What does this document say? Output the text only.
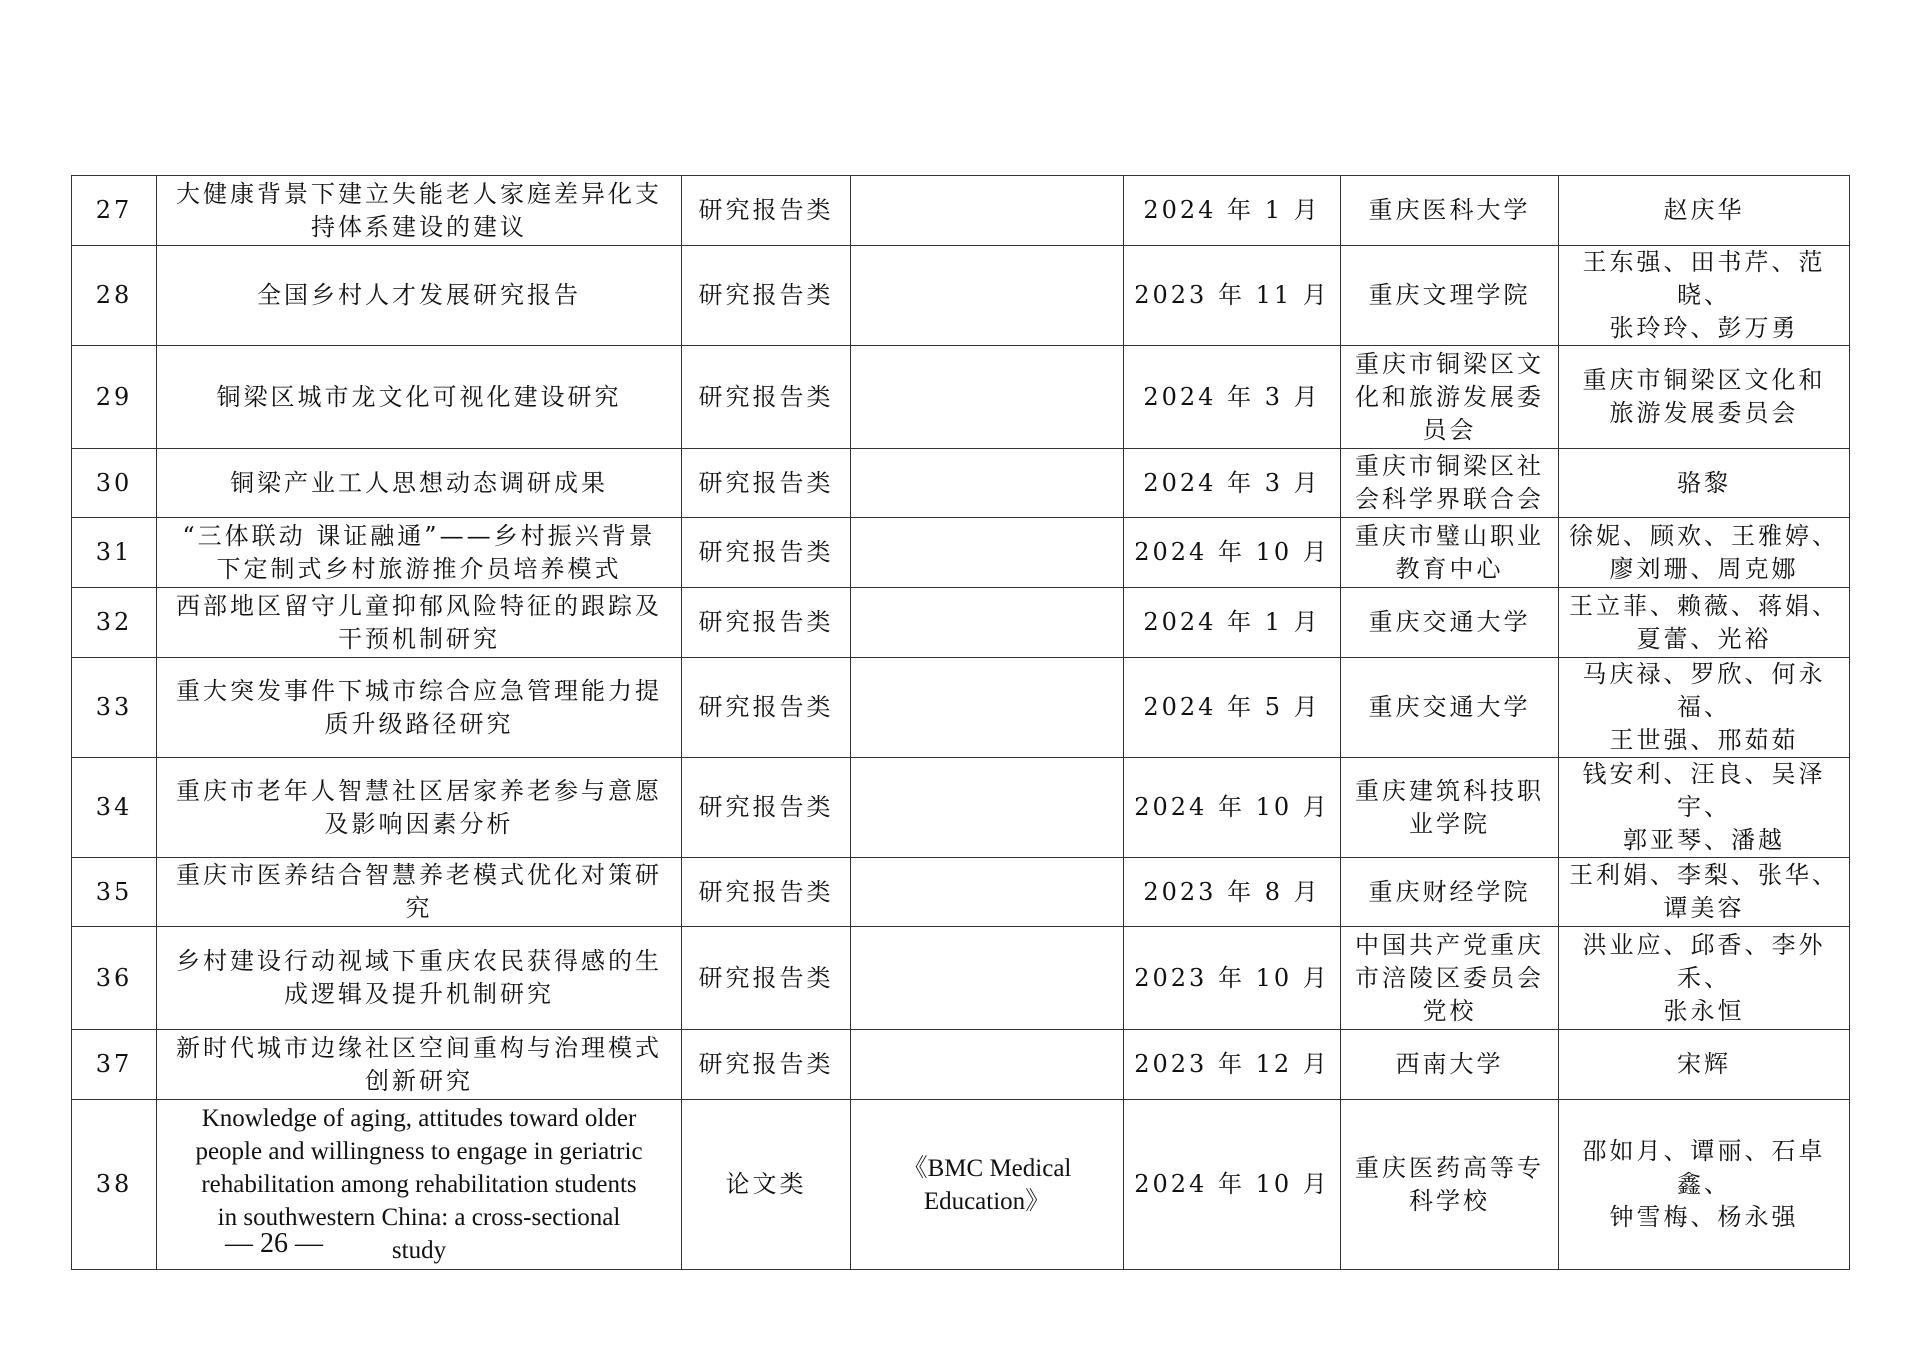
27	大健康背景下建立失能老人家庭差异化支
持体系建设的建议	研究报告类		2024 年 1 月	重庆医科大学	赵庆华
28	全国乡村人才发展研究报告	研究报告类		2023 年 11 月	重庆文理学院	王东强、田书芹、范晓、
张玲玲、彭万勇
29	铜梁区城市龙文化可视化建设研究	研究报告类		2024 年 3 月	重庆市铜梁区文
化和旅游发展委
员会	重庆市铜梁区文化和
旅游发展委员会
30	铜梁产业工人思想动态调研成果	研究报告类		2024 年 3 月	重庆市铜梁区社
会科学界联合会	骆黎
31	“三体联动 课证融通”——乡村振兴背景
下定制式乡村旅游推介员培养模式	研究报告类		2024 年 10 月	重庆市璧山职业
教育中心	徐妮、顾欢、王雅婷、
廖刘珊、周克娜
32	西部地区留守儿童抑郁风险特征的跟踪及
干预机制研究	研究报告类		2024 年 1 月	重庆交通大学	王立菲、赖薇、蒋娟、
夏蕾、光裕
33	重大突发事件下城市综合应急管理能力提
质升级路径研究	研究报告类		2024 年 5 月	重庆交通大学	马庆禄、罗欣、何永福、
王世强、邢茹茹
34	重庆市老年人智慧社区居家养老参与意愿
及影响因素分析	研究报告类		2024 年 10 月	重庆建筑科技职
业学院	钱安利、汪良、吴泽宇、
郭亚琴、潘越
35	重庆市医养结合智慧养老模式优化对策研
究	研究报告类		2023 年 8 月	重庆财经学院	王利娟、李梨、张华、
谭美容
36	乡村建设行动视域下重庆农民获得感的生
成逻辑及提升机制研究	研究报告类		2023 年 10 月	中国共产党重庆
市涪陵区委员会
党校	洪业应、邱香、李外禾、
张永恒
37	新时代城市边缘社区空间重构与治理模式
创新研究	研究报告类		2023 年 12 月	西南大学	宋辉
38	Knowledge of aging, attitudes toward older
people and willingness to engage in geriatric
rehabilitation among rehabilitation students
in southwestern China: a cross-sectional
study	论文类	《BMC Medical
Education》	2024 年 10 月	重庆医药高等专
科学校	邵如月、谭丽、石卓鑫、
钟雪梅、杨永强
— 26 —
